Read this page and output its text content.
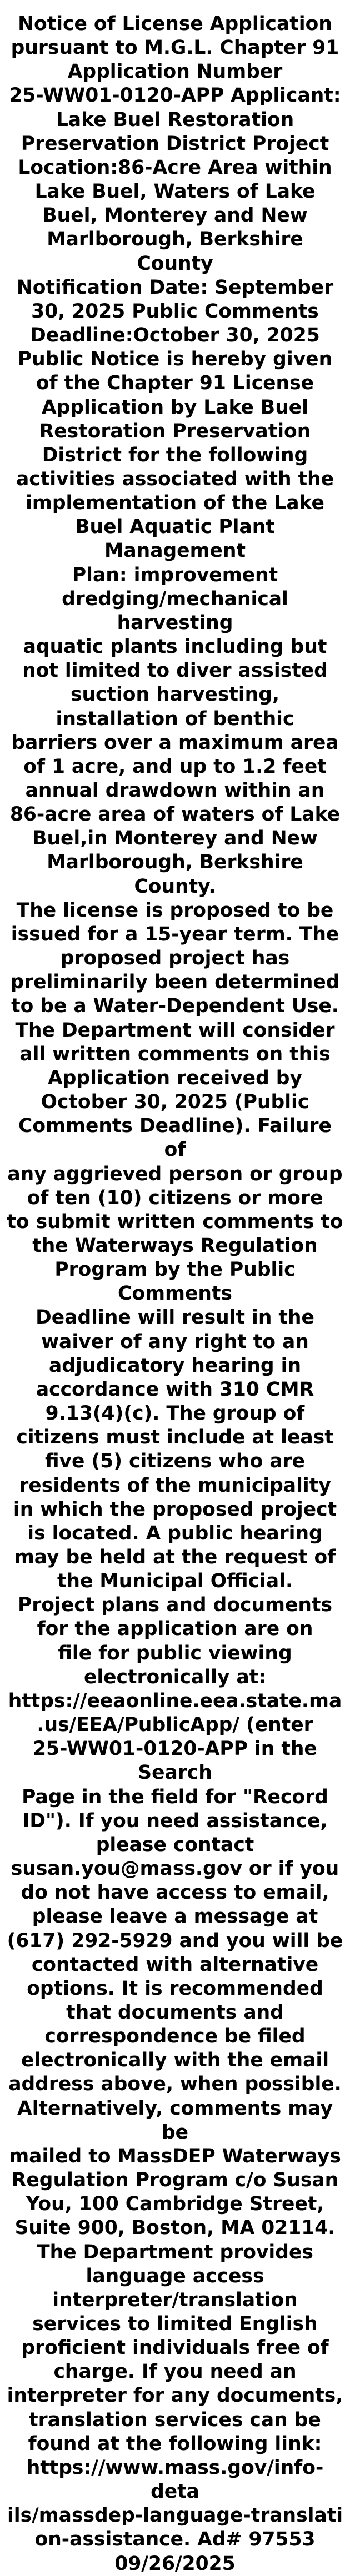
Notice of License Application
pursuant to M.G.L. Chapter 91
Application Number
25-WW01-0120-APP Applicant:
Lake Buel Restoration
Preservation District Project
Location:86-Acre Area within
Lake Buel, Waters of Lake
Buel, Monterey and New
Marlborough, Berkshire County
Notification Date: September
30, 2025 Public Comments
Deadline:October 30, 2025
Public Notice is hereby given
of the Chapter 91 License
Application by Lake Buel
Restoration Preservation
District for the following
activities associated with the
implementation of the Lake
Buel Aquatic Plant Management
Plan: improvement
dredging/mechanical harvesting
aquatic plants including but
not limited to diver assisted
suction harvesting,
installation of benthic
barriers over a maximum area
of 1 acre, and up to 1.2 feet
annual drawdown within an
86-acre area of waters of Lake
Buel,in Monterey and New
Marlborough, Berkshire County.
The license is proposed to be
issued for a 15-year term. The
proposed project has
preliminarily been determined
to be a Water-Dependent Use.
The Department will consider
all written comments on this
Application received by
October 30, 2025 (Public
Comments Deadline). Failure of
any aggrieved person or group
of ten (10) citizens or more
to submit written comments to
the Waterways Regulation
Program by the Public Comments
Deadline will result in the
waiver of any right to an
adjudicatory hearing in
accordance with 310 CMR
9.13(4)(c). The group of
citizens must include at least
five (5) citizens who are
residents of the municipality
in which the proposed project
is located. A public hearing
may be held at the request of
the Municipal Official.
Project plans and documents
for the application are on
file for public viewing
electronically at:
https://eeaonline.eea.state.ma
.us/EEA/PublicApp/ (enter
25-WW01-0120-APP in the Search
Page in the field for "Record
ID"). If you need assistance,
please contact
susan.you@mass.gov or if you
do not have access to email,
please leave a message at
(617) 292-5929 and you will be
contacted with alternative
options. It is recommended
that documents and
correspondence be filed
electronically with the email
address above, when possible.
Alternatively, comments may be
mailed to MassDEP Waterways
Regulation Program c/o Susan
You, 100 Cambridge Street,
Suite 900, Boston, MA 02114.
The Department provides
language access
interpreter/translation
services to limited English
proficient individuals free of
charge. If you need an
interpreter for any documents,
translation services can be
found at the following link:
https://www.mass.gov/info-deta
ils/massdep-language-translati
on-assistance. Ad# 97553
09/26/2025
